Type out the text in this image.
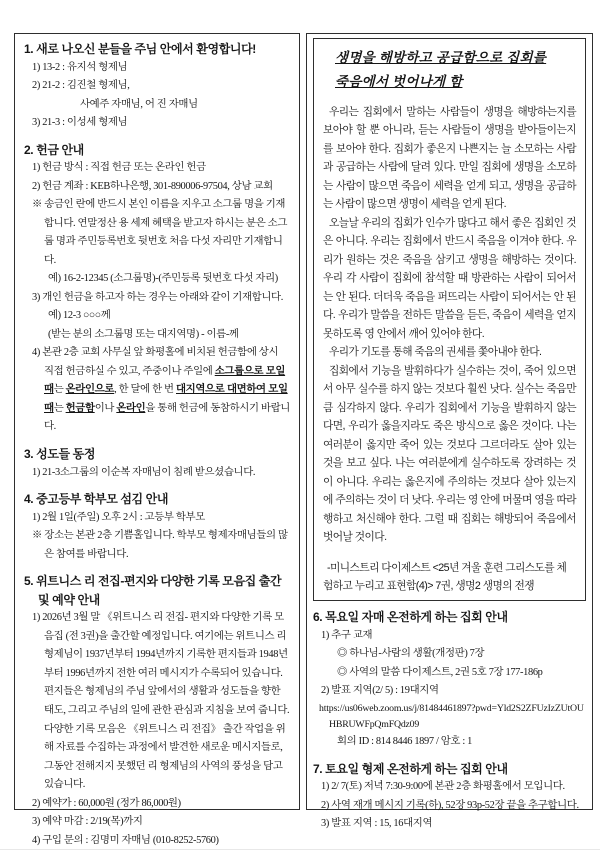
1. 새로 나오신 분들을 주님 안에서 환영합니다!
1) 13-2 : 유지석 형제님
2) 21-2 : 김진철 형제님,
사예주 자매님, 어 진 자매님
3) 21-3 : 이성세 형제님
2. 헌금 안내
1) 헌금 방식 : 직접 헌금 또는 온라인 헌금
2) 헌금 계좌 : KEB하나은행, 301-890006-97504, 상남 교회
※ 송금인 란에 반드시 본인 이름을 지우고 소그룹 명을 기재합니다. 연말정산 용 세제 혜택을 받고자 하시는 분은 소그룹 명과 주민등록번호 뒷번호 처음 다섯 자리만 기재합니다.
예) 16-2-12345 (소그룹명)-(주민등록 뒷번호 다섯 자리)
3) 개인 헌금을 하고자 하는 경우는 아래와 같이 기재합니다.
예) 12-3 ○○○께
(받는 분의 소그룹명 또는 대지역명) - 이름-께
4) 본관 2층 교회 사무실 앞 화평홀에 비치된 헌금함에 상시 직접 헌금하실 수 있고, 주중이나 주일에 소그룹으로 모일 때는 온라인으로, 한 달에 한 번 대지역으로 대면하여 모일 때는 헌금함이나 온라인을 통해 헌금에 동참하시기 바랍니다.
3. 성도들 동정
1) 21-3소그룹의 이순복 자매님이 침례 받으셨습니다.
4. 중고등부 학부모 섬김 안내
1) 2월 1일(주일) 오후 2시 : 고등부 학부모
※ 장소는 본관 2층 기쁨홀입니다. 학부모 형제자매님들의 많은 참여를 바랍니다.
5. 위트니스 리 전집-편지와 다양한 기록 모음집 출간 및 예약 안내
1) 2026년 3월 말 《위트니스 리 전집- 편지와 다양한 기록 모음집 (전 3권)을 출간할 예정입니다. 여기에는 위트니스 리 형제님이 1937년부터 1994년까지 기록한 편지들과 1948년부터 1996년까지 전한 여러 메시지가 수록되어 있습니다. 편지들은 형제님의 주님 앞에서의 생활과 성도들을 향한 태도, 그리고 주님의 일에 관한 관심과 지침을 보여 줍니다. 다양한 기록 모음은 《위트니스 리 전집》 출간 작업을 위해 자료를 수집하는 과정에서 발견한 새로운 메시지들로, 그동안 전해지지 못했던 리 형제님의 사역의 풍성을 담고 있습니다.
2) 예약가 : 60,000원 (정가 86,000원)
3) 예약 마감 : 2/19(목)까지
4) 구입 문의 : 김명미 자매님 (010-8252-5760)
생명을 해방하고 공급함으로 집회를
죽음에서 벗어나게 함
우리는 집회에서 말하는 사람들이 생명을 해방하는지를 보아야 할 뿐 아니라, 듣는 사람들이 생명을 받아들이는지를 보아야 한다. 집회가 좋은지 나쁜지는 늘 소모하는 사람과 공급하는 사람에 달려 있다. 만일 집회에 생명을 소모하는 사람이 많으면 죽음이 세력을 얻게 되고, 생명을 공급하는 사람이 많으면 생명이 세력을 얻게 된다.
오늘날 우리의 집회가 인수가 많다고 해서 좋은 집회인 것은 아니다. 우리는 집회에서 반드시 죽음을 이겨야 한다. 우리가 원하는 것은 죽음을 삼키고 생명을 해방하는 것이다. 우리 각 사람이 집회에 참석할 때 방관하는 사람이 되어서는 안 된다. 더더욱 죽음을 퍼뜨리는 사람이 되어서는 안 된다. 우리가 말씀을 전하든 말씀을 듣든, 죽음이 세력을 얻지 못하도록 영 안에서 깨어 있어야 한다.
우리가 기도를 통해 죽음의 권세를 쫓아내야 한다.
집회에서 기능을 발휘하다가 실수하는 것이, 죽어 있으면서 아무 실수를 하지 않는 것보다 훨씬 낫다. 실수는 죽음만큼 심각하지 않다. 우리가 집회에서 기능을 발휘하지 않는다면, 우리가 옳을지라도 죽은 방식으로 옳은 것이다. 나는 여러분이 옳지만 죽어 있는 것보다 그르더라도 살아 있는 것을 보고 싶다. 나는 여러분에게 실수하도록 장려하는 것이 아니다. 우리는 옳은지에 주의하는 것보다 살아 있는지에 주의하는 것이 더 낫다. 우리는 영 안에 머물며 영을 따라 행하고 처신해야 한다. 그럴 때 집회는 해방되어 죽음에서 벗어날 것이다.
-미니스트리 다이제스트 <25년 겨울 훈련 그리스도를 체험하고 누리고 표현함(4)> 7권, 생명2 생명의 전쟁
6. 목요일 자매 온전하게 하는 집회 안내
1) 추구 교재
◎ 하나님-사람의 생활(개정판) 7장
◎ 사역의 말씀 다이제스트, 2권 5호 7장 177-186p
2) 발표 지역(2/ 5) : 19대지역
https://us06web.zoom.us/j/81484461897?pwd=Yld2S2ZFUzIzZUtOUHBRUWFpQmFQdz09
회의 ID : 814 8446 1897 / 암호 : 1
7. 토요일 형제 온전하게 하는 집회 안내
1) 2/ 7(토) 저녁 7:30-9:00에 본관 2층 화평홀에서 모입니다.
2) 사역 재개 메시지 기록(하), 52장 93p-52장 끝을 추구합니다.
3) 발표 지역 : 15, 16대지역
